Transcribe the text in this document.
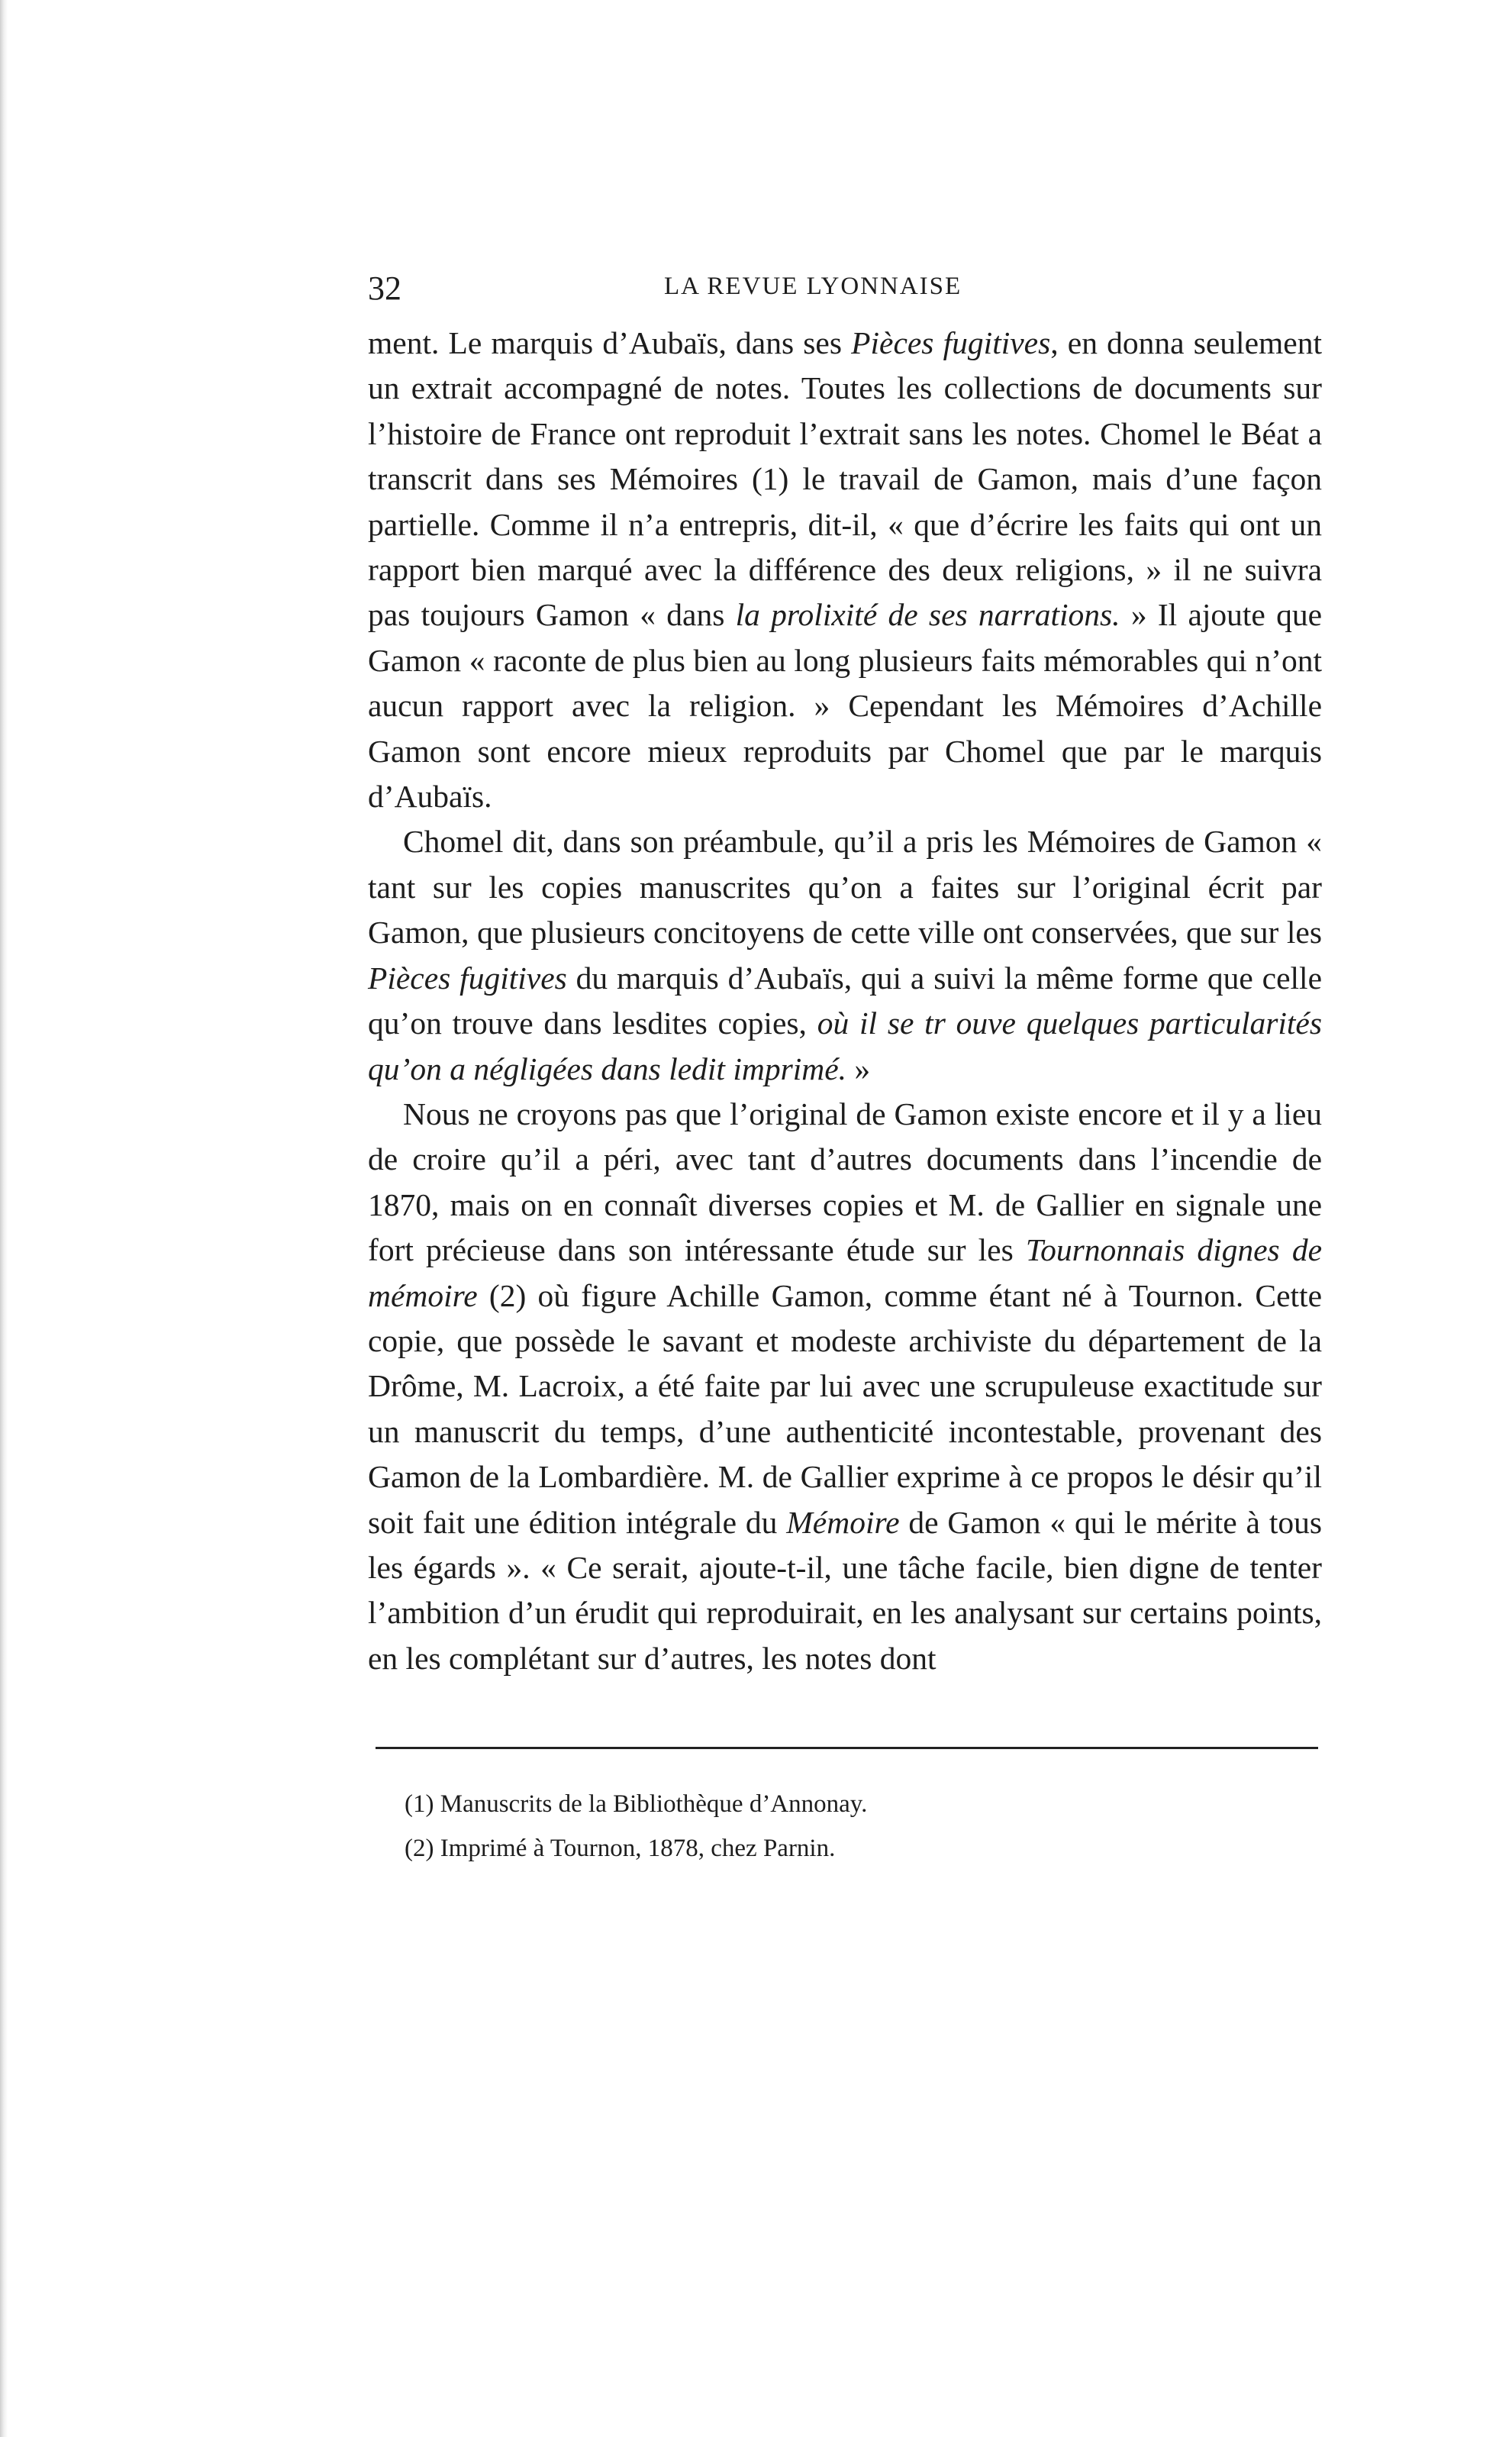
32	LA REVUE LYONNAISE

ment. Le marquis d’Aubaïs, dans ses Pièces fugitives, en donna seulement un extrait accompagné de notes. Toutes les collections de documents sur l’histoire de France ont reproduit l’extrait sans les notes. Chomel le Béat a transcrit dans ses Mémoires (1) le travail de Gamon, mais d’une façon partielle. Comme il n’a entrepris, dit-il, « que d’écrire les faits qui ont un rapport bien marqué avec la différence des deux religions, » il ne suivra pas toujours Gamon « dans la prolixité de ses narrations. » Il ajoute que Gamon « raconte de plus bien au long plusieurs faits mémorables qui n’ont aucun rapport avec la religion. » Cependant les Mémoires d’Achille Gamon sont encore mieux reproduits par Chomel que par le marquis d’Aubaïs.

Chomel dit, dans son préambule, qu’il a pris les Mémoires de Gamon « tant sur les copies manuscrites qu’on a faites sur l’original écrit par Gamon, que plusieurs concitoyens de cette ville ont conservées, que sur les Pièces fugitives du marquis d’Aubaïs, qui a suivi la même forme que celle qu’on trouve dans lesdites copies, où il se tr ouve quelques particularités qu’on a négligées dans ledit imprimé. »

Nous ne croyons pas que l’original de Gamon existe encore et il y a lieu de croire qu’il a péri, avec tant d’autres documents dans l’incendie de 1870, mais on en connaît diverses copies et M. de Gallier en signale une fort précieuse dans son intéressante étude sur les Tournonnais dignes de mémoire (2) où figure Achille Gamon, comme étant né à Tournon. Cette copie, que possède le savant et modeste archiviste du département de la Drôme, M. Lacroix, a été faite par lui avec une scrupuleuse exactitude sur un manuscrit du temps, d’une authenticité incontestable, provenant des Gamon de la Lombardière. M. de Gallier exprime à ce propos le désir qu’il soit fait une édition intégrale du Mémoire de Gamon « qui le mérite à tous les égards ». « Ce serait, ajoute-t-il, une tâche facile, bien digne de tenter l’ambition d’un érudit qui reproduirait, en les analysant sur certains points, en les complétant sur d’autres, les notes dont

(1) Manuscrits de la Bibliothèque d’Annonay.
(2) Imprimé à Tournon, 1878, chez Parnin.
